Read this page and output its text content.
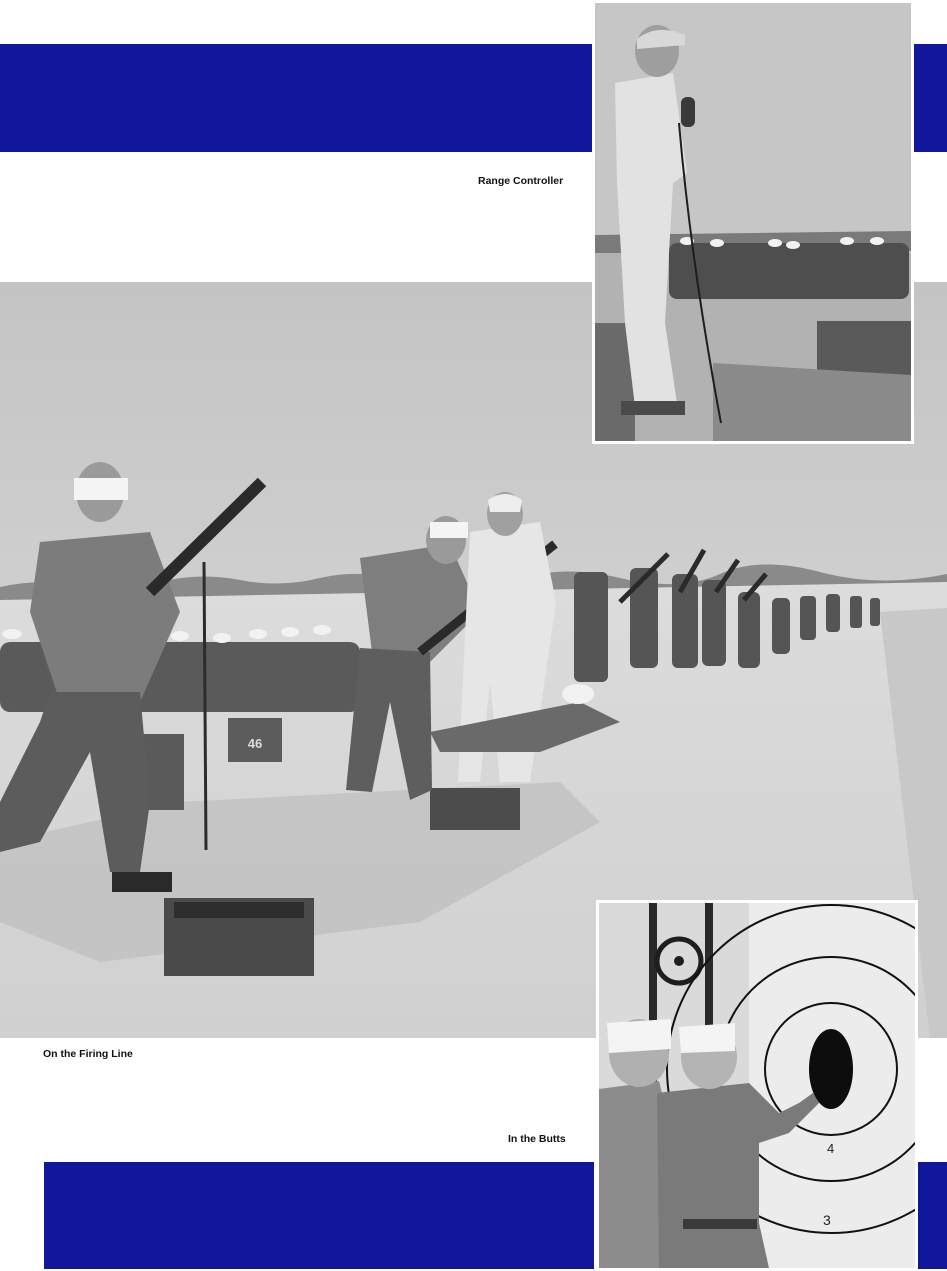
46
4
3
Range Controller
On the Firing Line
In the Butts
